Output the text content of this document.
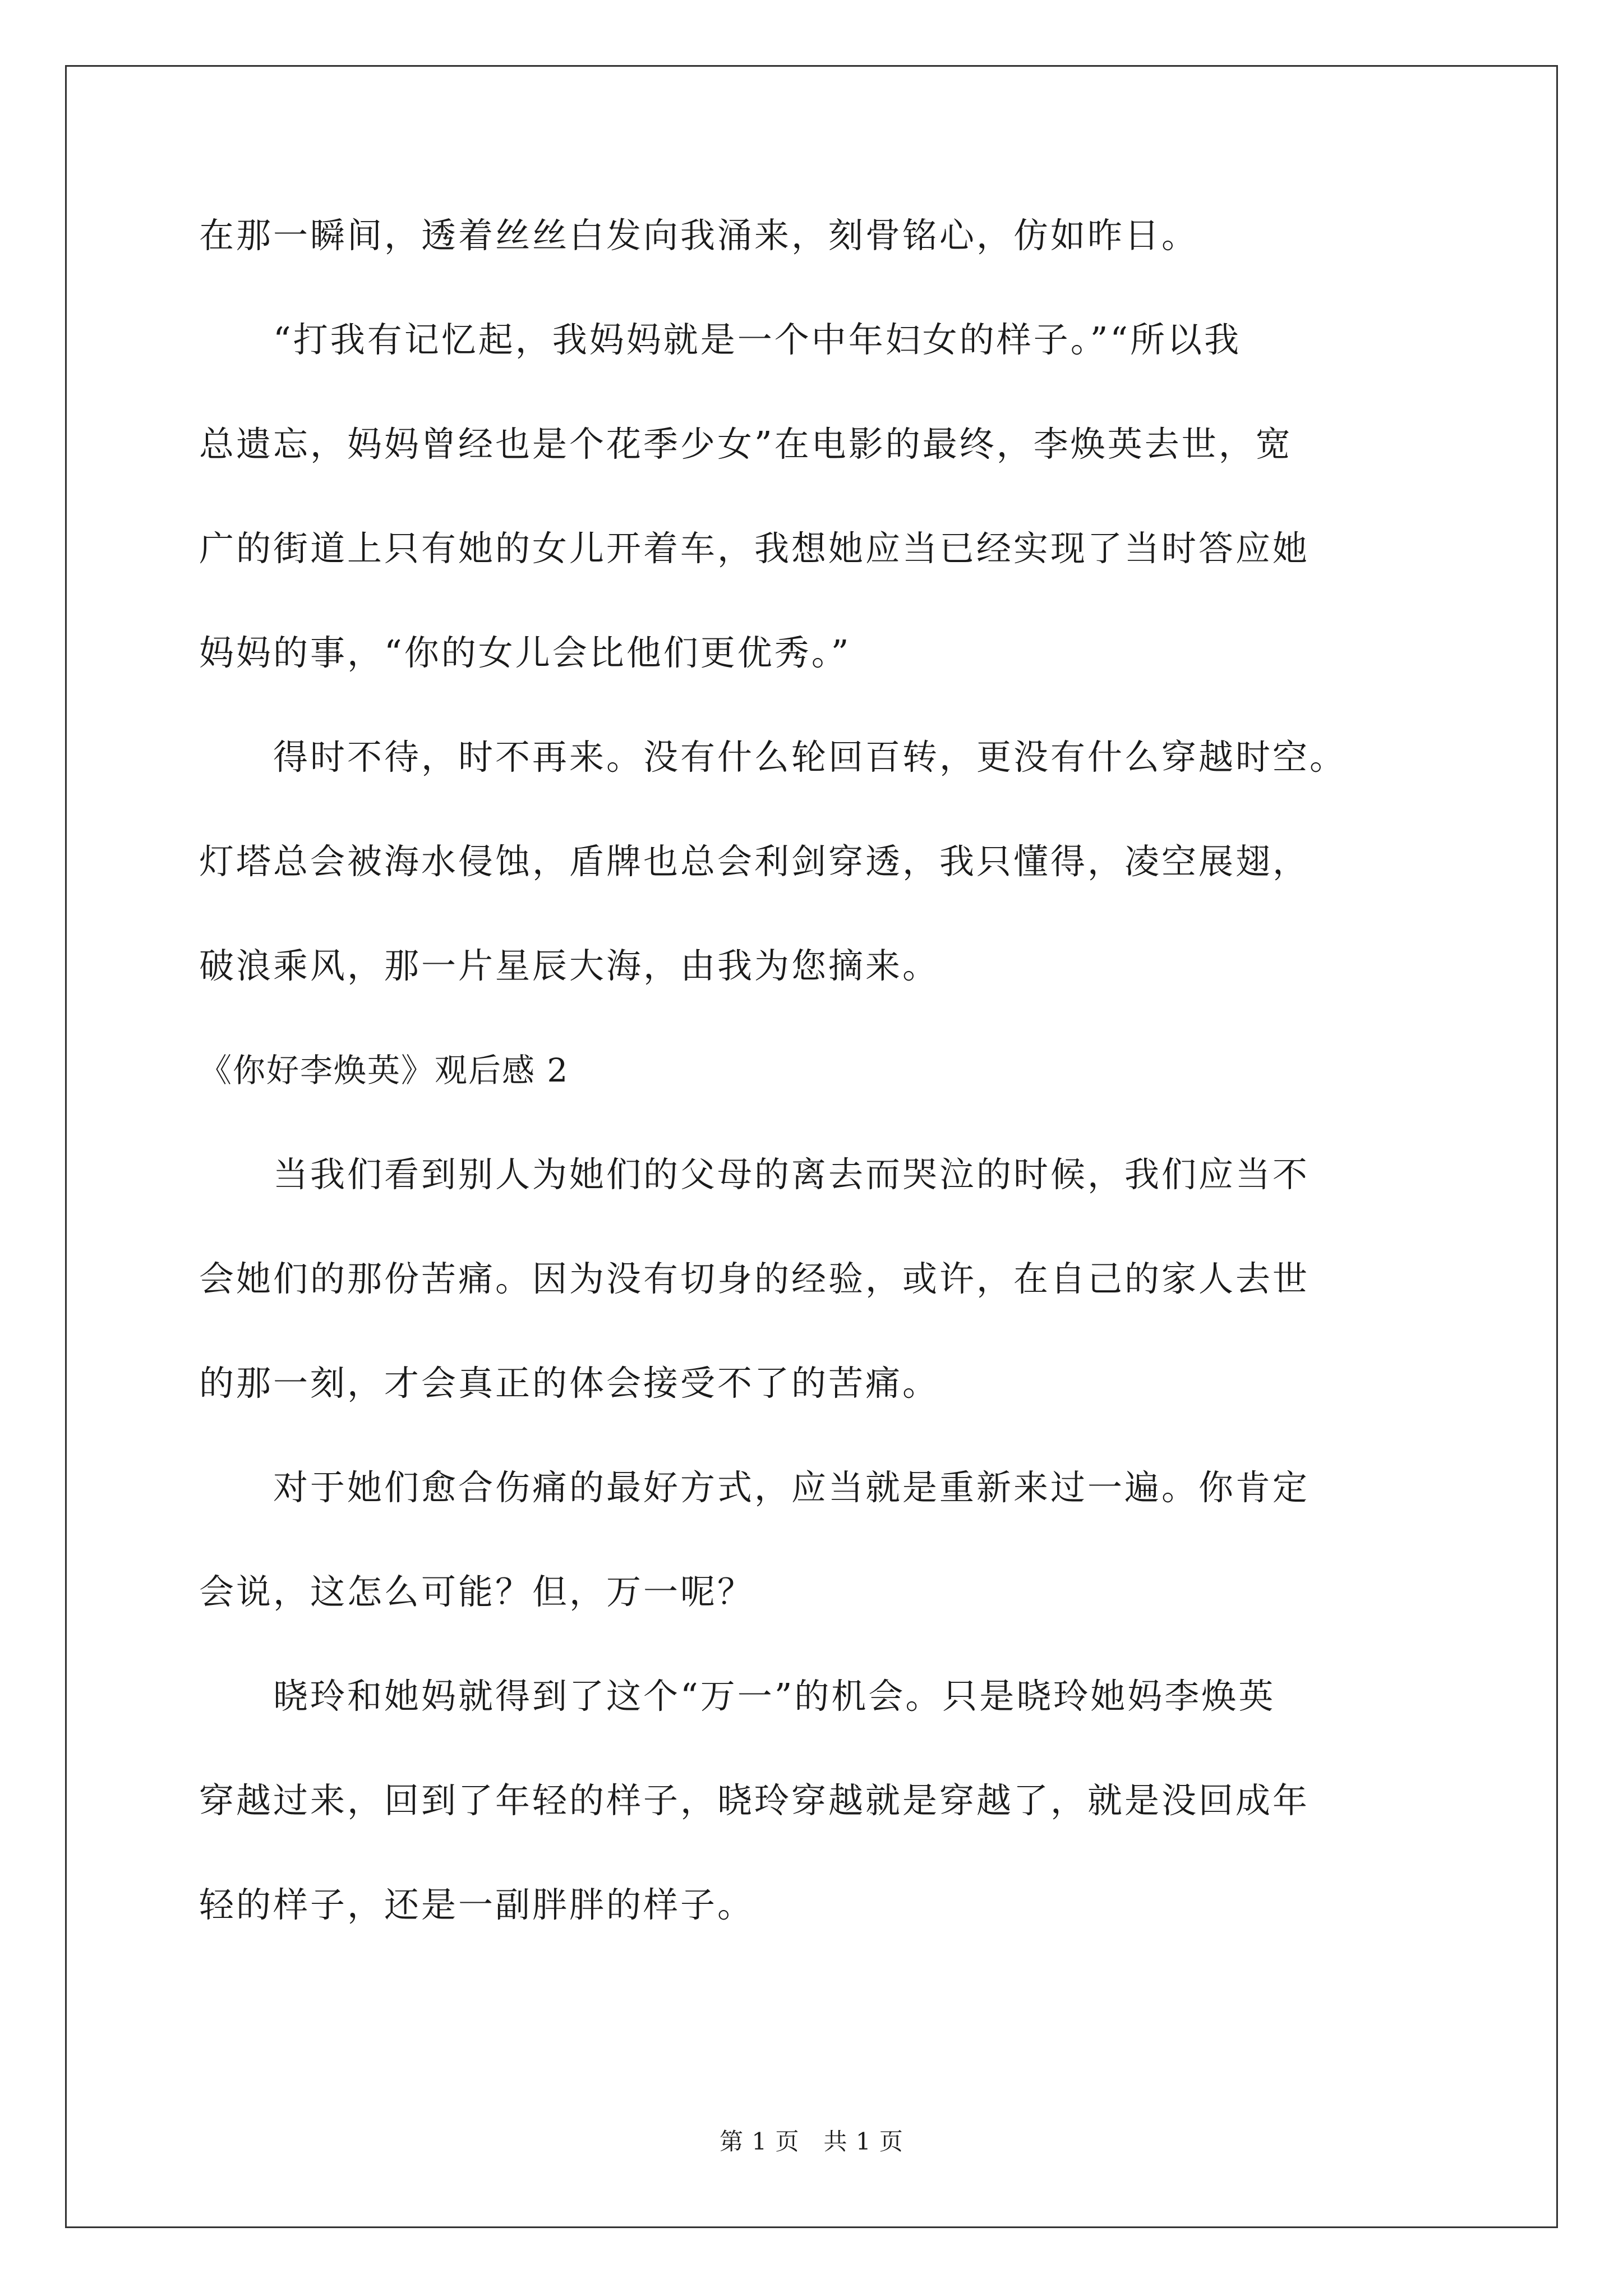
在那一瞬间，透着丝丝白发向我涌来，刻骨铭心，仿如昨日。
　　“打我有记忆起，我妈妈就是一个中年妇女的样子。”“所以我
总遗忘，妈妈曾经也是个花季少女”在电影的最终，李焕英去世，宽
广的街道上只有她的女儿开着车，我想她应当已经实现了当时答应她
妈妈的事，“你的女儿会比他们更优秀。”
　　得时不待，时不再来。没有什么轮回百转，更没有什么穿越时空。
灯塔总会被海水侵蚀，盾牌也总会利剑穿透，我只懂得，凌空展翅，
破浪乘风，那一片星辰大海，由我为您摘来。
《你好李焕英》观后感 2
　　当我们看到别人为她们的父母的离去而哭泣的时候，我们应当不
会她们的那份苦痛。因为没有切身的经验，或许，在自己的家人去世
的那一刻，才会真正的体会接受不了的苦痛。
　　对于她们愈合伤痛的最好方式，应当就是重新来过一遍。你肯定
会说，这怎么可能？但，万一呢？
　　晓玲和她妈就得到了这个“万一”的机会。只是晓玲她妈李焕英
穿越过来，回到了年轻的样子，晓玲穿越就是穿越了，就是没回成年
轻的样子，还是一副胖胖的样子。
第 1 页　共 1 页
